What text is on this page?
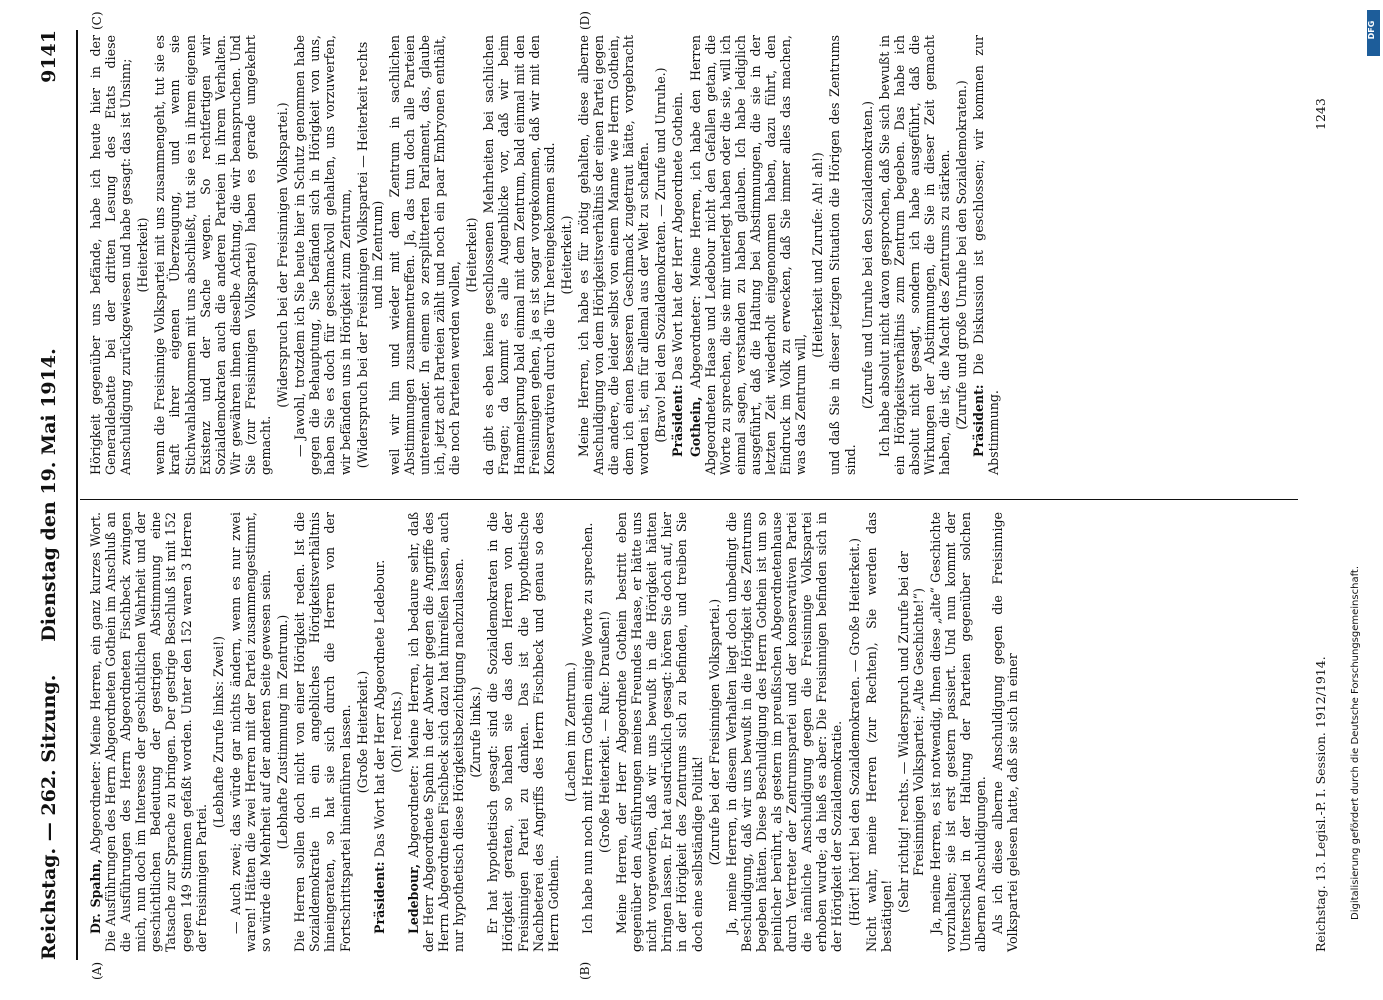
Reichstag. — 262. Sitzung.
Dienstag den 19. Mai 1914.
9141
(A)	(B)
(C)	(D)

Dr. Spahn, Abgeordneter: Meine Herren, ein ganz kurzes Wort. Die Ausführungen des Herrn Abgeordneten Gothein im Anschluß an die Ausführungen des Herrn Abgeordneten Fischbeck zwingen mich, nun doch im Interesse der geschichtlichen Wahrheit und der geschichtlichen Bedeutung der gestrigen Abstimmung eine Tatsache zur Sprache zu bringen. Der gestrige Beschluß ist mit 152 gegen 149 Stimmen gefaßt worden. Unter den 152 waren 3 Herren der freisinnigen Partei.

(Lebhafte Zurufe links: Zwei!) — Auch zwei; das würde gar nichts ändern, wenn es nur zwei waren! Hätten die zwei Herren mit der Partei zusammengestimmt, so würde die Mehrheit auf der anderen Seite gewesen sein. (Lebhafte Zustimmung im Zentrum.) Die Herren sollen doch nicht von einer Hörigkeit reden. Ist die Sozialdemokratie in ein angebliches Hörigkeitsverhältnis hineingeraten, so hat sie sich durch die Herren von der Fortschrittspartei hineinführen lassen. (Große Heiterkeit.)

Präsident: Das Wort hat der Herr Abgeordnete Ledebour. (Oh! rechts.)

Ledebour, Abgeordneter: Meine Herren, ich bedaure sehr, daß der Herr Abgeordnete Spahn in der Abwehr gegen die Angriffe des Herrn Abgeordneten Fischbeck sich dazu hat hinreißen lassen, auch nur hypothetisch diese Hörigkeitsbezichtigung nachzulassen. (Zurufe links.) Er hat hypothetisch gesagt: sind die Sozialdemokraten in die Hörigkeit geraten, so haben sie das den Herren von der Freisinnigen Partei zu danken. Das ist die hypothetische Nachbeterei des Angriffs des Herrn Fischbeck und genau so des Herrn Gothein.

(Lachen im Zentrum.) Ich habe nun noch mit Herrn Gothein einige Worte zu sprechen. (Große Heiterkeit. — Rufe: Draußen!) Meine Herren, der Herr Abgeordnete Gothein bestritt eben gegenüber den Ausführungen meines Freundes Haase, er hätte uns nicht vorgeworfen, daß wir uns bewußt in die Hörigkeit hätten bringen lassen. Er hat ausdrücklich gesagt: hören Sie doch auf, hier in der Hörigkeit des Zentrums sich zu befinden, und treiben Sie doch eine selbständige Politik! (Zurufe bei der Freisinnigen Volkspartei.) Ja, meine Herren, in diesem Verhalten liegt doch unbedingt die Beschuldigung, daß wir uns bewußt in die Hörigkeit des Zentrums begeben hätten. Diese Beschuldigung des Herrn Gothein ist um so peinlicher berührt, als gestern im preußischen Abgeordnetenhause durch Vertreter der Zentrumspartei und der konservativen Partei die nämliche Anschuldigung gegen die Freisinnige Volkspartei erhoben wurde; da hieß es aber: Die Freisinnigen befinden sich in der Hörigkeit der Sozialdemokratie. (Hört! hört! bei den Sozialdemokraten. — Große Heiterkeit.) Nicht wahr, meine Herren (zur Rechten), Sie werden das bestätigen!

(Sehr richtig! rechts. — Widerspruch und Zurufe bei der Freisinnigen Volkspartei: „Alte Geschichte!“) Ja, meine Herren, es ist notwendig, Ihnen diese „alte“ Geschichte vorzuhalten; sie ist erst gestern passiert. Und nun kommt der Unterschied in der Haltung der Parteien gegenüber solchen albernen Anschuldigungen. Als ich diese alberne Anschuldigung gegen die Freisinnige Volkspartei gelesen hatte, daß sie sich in einer

Hörigkeit gegenüber uns befände, habe ich heute hier in der Generaldebatte bei der dritten Lesung des Etats diese Anschuldigung zurückgewiesen und habe gesagt: das ist Unsinn; (Heiterkeit) wenn die Freisinnige Volkspartei mit uns zusammengeht, tut sie es kraft ihrer eigenen Überzeugung, und wenn sie Stichwahlabkommen mit uns abschließt, tut sie es in ihrem eigenen Existenz und der Sache wegen. So rechtfertigen wir Sozialdemokraten auch die anderen Parteien in ihrem Verhalten. Wir gewähren ihnen dieselbe Achtung, die wir beanspruchen. Und Sie (zur Freisinnigen Volkspartei) haben es gerade umgekehrt gemacht.

(Widerspruch bei der Freisinnigen Volkspartei.) — Jawohl, trotzdem ich Sie heute hier in Schutz genommen habe gegen die Behauptung, Sie befänden sich in Hörigkeit von uns, haben Sie es doch für geschmackvoll gehalten, uns vorzuwerfen, wir befänden uns in Hörigkeit zum Zentrum, (Widerspruch bei der Freisinnigen Volkspartei — Heiterkeit rechts und im Zentrum) weil wir hin und wieder mit dem Zentrum in sachlichen Abstimmungen zusammentreffen. Ja, das tun doch alle Parteien untereinander. In einem so zersplitterten Parlament, das, glaube ich, jetzt acht Parteien zählt und noch ein paar Embryonen enthält, die noch Parteien werden wollen,

(Heiterkeit) da gibt es eben keine geschlossenen Mehrheiten bei sachlichen Fragen; da kommt es alle Augenblicke vor, daß wir beim Hammelsprung bald einmal mit dem Zentrum, bald einmal mit den Freisinnigen gehen, ja es ist sogar vorgekommen, daß wir mit den Konservativen durch die Tür hereingekommen sind. (Heiterkeit.) Meine Herren, ich habe es für nötig gehalten, diese alberne Anschuldigung von dem Hörigkeitsverhältnis der einen Partei gegen die andere, die leider selbst von einem Manne wie Herrn Gothein, dem ich einen besseren Geschmack zugetraut hätte, vorgebracht worden ist, ein für allemal aus der Welt zu schaffen. (Bravo! bei den Sozialdemokraten. — Zurufe und Unruhe.) Präsident: Das Wort hat der Herr Abgeordnete Gothein.

Gothein, Abgeordneter: Meine Herren, ich habe den Herren Abgeordneten Haase und Ledebour nicht den Gefallen getan, die Worte zu sprechen, die sie mir unterlegt haben oder die sie, will ich einmal sagen, verstanden zu haben glauben. Ich habe lediglich ausgeführt, daß die Haltung bei Abstimmungen, die sie in der letzten Zeit wiederholt eingenommen haben, dazu führt, den Eindruck im Volk zu erwecken, daß Sie immer alles das machen, was das Zentrum will,

(Heiterkeit und Zurufe: Ah! ah!) und daß Sie in dieser jetzigen Situation die Hörigen des Zentrums sind.

(Zurufe und Unruhe bei den Sozialdemokraten.) Ich habe absolut nicht davon gesprochen, daß Sie sich bewußt in ein Hörigkeitsverhältnis zum Zentrum begeben. Das habe ich absolut nicht gesagt, sondern ich habe ausgeführt, daß die Wirkungen der Abstimmungen, die Sie in dieser Zeit gemacht haben, die ist, die Macht des Zentrums zu stärken. (Zurufe und große Unruhe bei den Sozialdemokraten.) Präsident: Die Diskussion ist geschlossen; wir kommen zur Abstimmung.

Reichstag. 13. Legisl.-P. I. Session. 1912/1914.
1243
Digitalisierung gefördert durch die Deutsche Forschungsgemeinschaft.
DFG
